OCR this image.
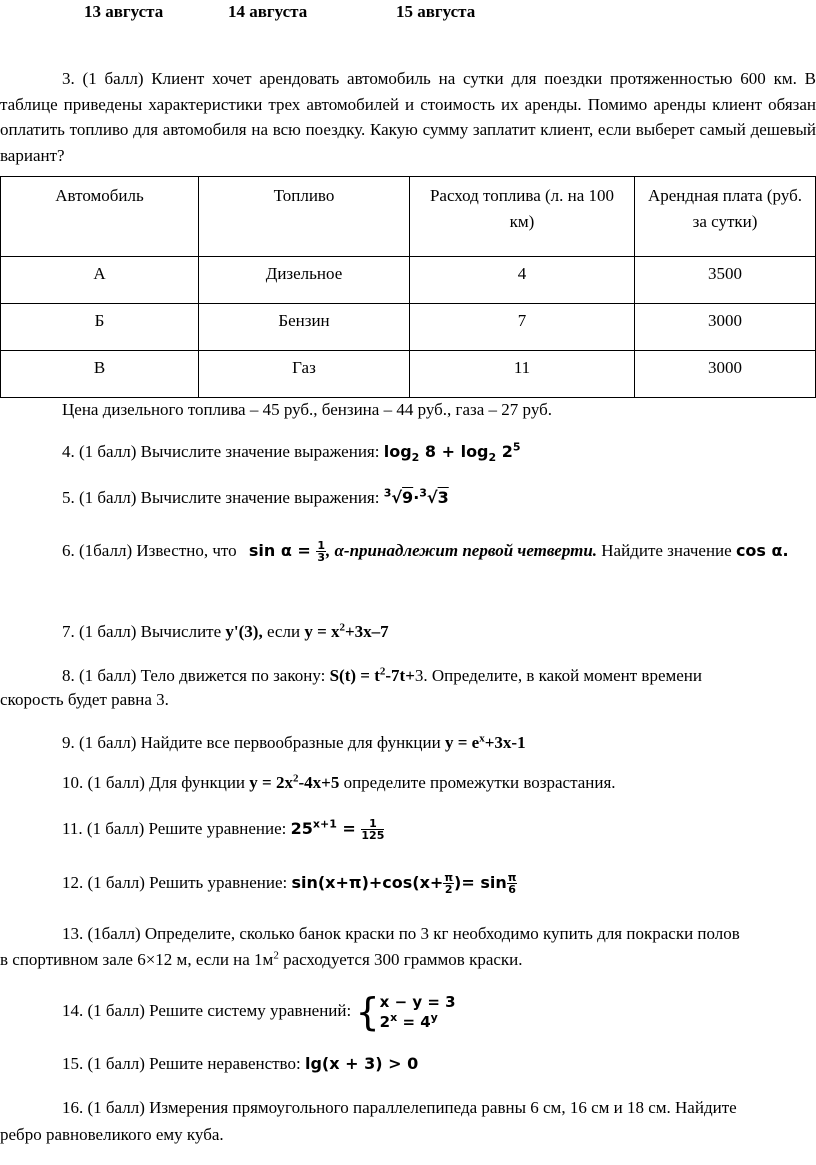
13 августа	14 августа	15 августа
3. (1 балл) Клиент хочет арендовать автомобиль на сутки для поездки протяженностью 600 км. В таблице приведены характеристики трех автомобилей и стоимость их аренды. Помимо аренды клиент обязан оплатить топливо для автомобиля на всю поездку. Какую сумму заплатит клиент, если выберет самый дешевый вариант?
Автомобиль	Топливо	Расход топлива (л. на 100 км)	Арендная плата (руб. за сутки)
А	Дизельное	4	3500
Б	Бензин	7	3000
В	Газ	11	3000
Цена дизельного топлива – 45 руб., бензина – 44 руб., газа – 27 руб.
4. (1 балл) Вычислите значение выражения: $\log_2 8 + \log_2 2^5$
5. (1 балл) Вычислите значение выражения: $^3$√9·$^3$√3
6. (1балл) Известно, что $\sin \alpha = \frac{1}{3}$ , α-принадлежит первой четверти. Найдите значение cos α.
7. (1 балл) Вычислите y'(3), если $y = x^2+3x-7$
8. (1 балл) Тело движется по закону: $S(t) = t^2-7t+3$. Определите, в какой момент времени
скорость будет равна 3.
9. (1 балл) Найдите все первообразные для функции $y = e^x+3x-1$
10. (1 балл) Для функции $y = 2x^2-4x+5$ определите промежутки возрастания.
11. (1 балл) Решите уравнение: $25^{x+1} = \frac{1}{125}$
12. (1 балл) Решить уравнение: $\sin(x+\pi)+\cos(x+ \frac{\pi}{2}$ )= $\sin \frac{\pi}{6}$
13. (1балл) Определите, сколько банок краски по 3 кг необходимо купить для покраски полов
в спортивном зале 6×12 м, если на $1м^2$ расходуется 300 граммов краски.
14. (1 балл) Решите систему уравнений: { x − y = 3
$2^x = 4^y$
15. (1 балл) Решите неравенство: lg(x + 3) > 0
16. (1 балл) Измерения прямоугольного параллелепипеда равны 6 см, 16 см и 18 см. Найдите
ребро равновеликого ему куба.
